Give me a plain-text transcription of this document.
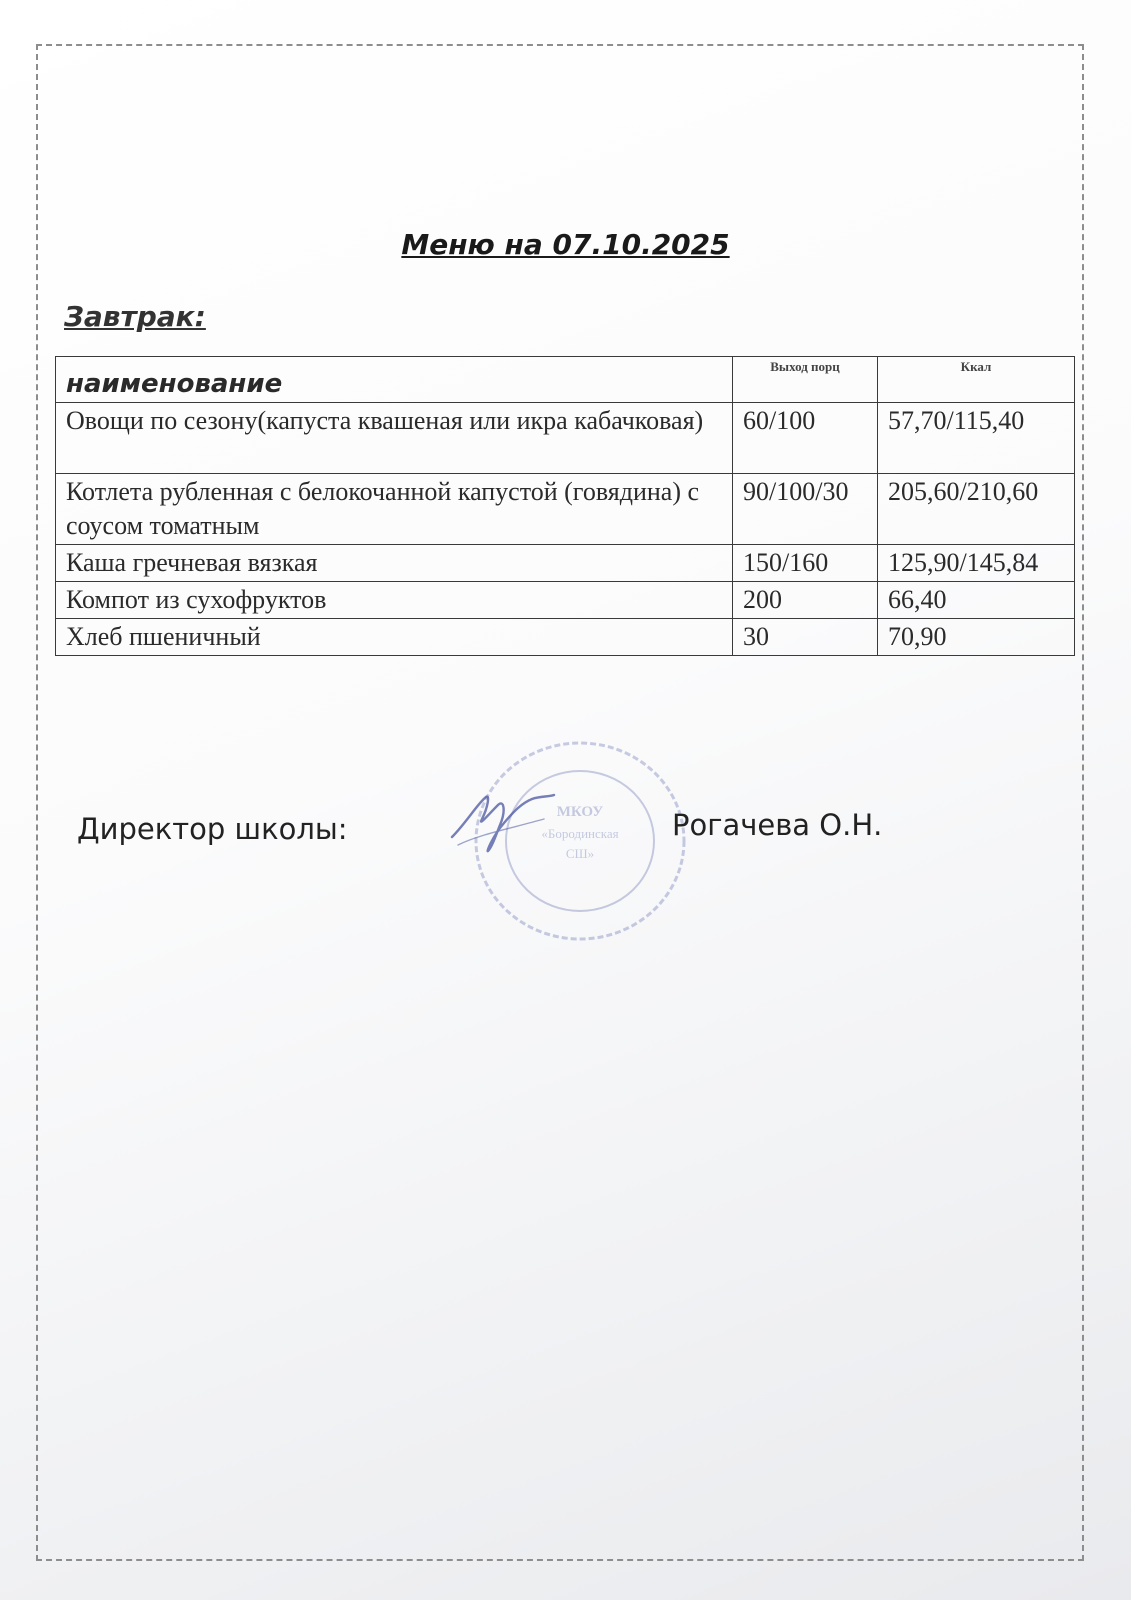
Меню на 07.10.2025
Завтрак:
наименование	Выход порц	Ккал
Овощи по сезону(капуста квашеная или икра кабачковая)	60/100	57,70/115,40
Котлета рубленная с белокочанной капустой (говядина) с соусом томатным	90/100/30	205,60/210,60
Каша гречневая вязкая	150/160	125,90/145,84
Компот из сухофруктов	200	66,40
Хлеб пшеничный	30	70,90
МКОУ
«Бородинская
СШ»
Директор школы:	Рогачева О.Н.
